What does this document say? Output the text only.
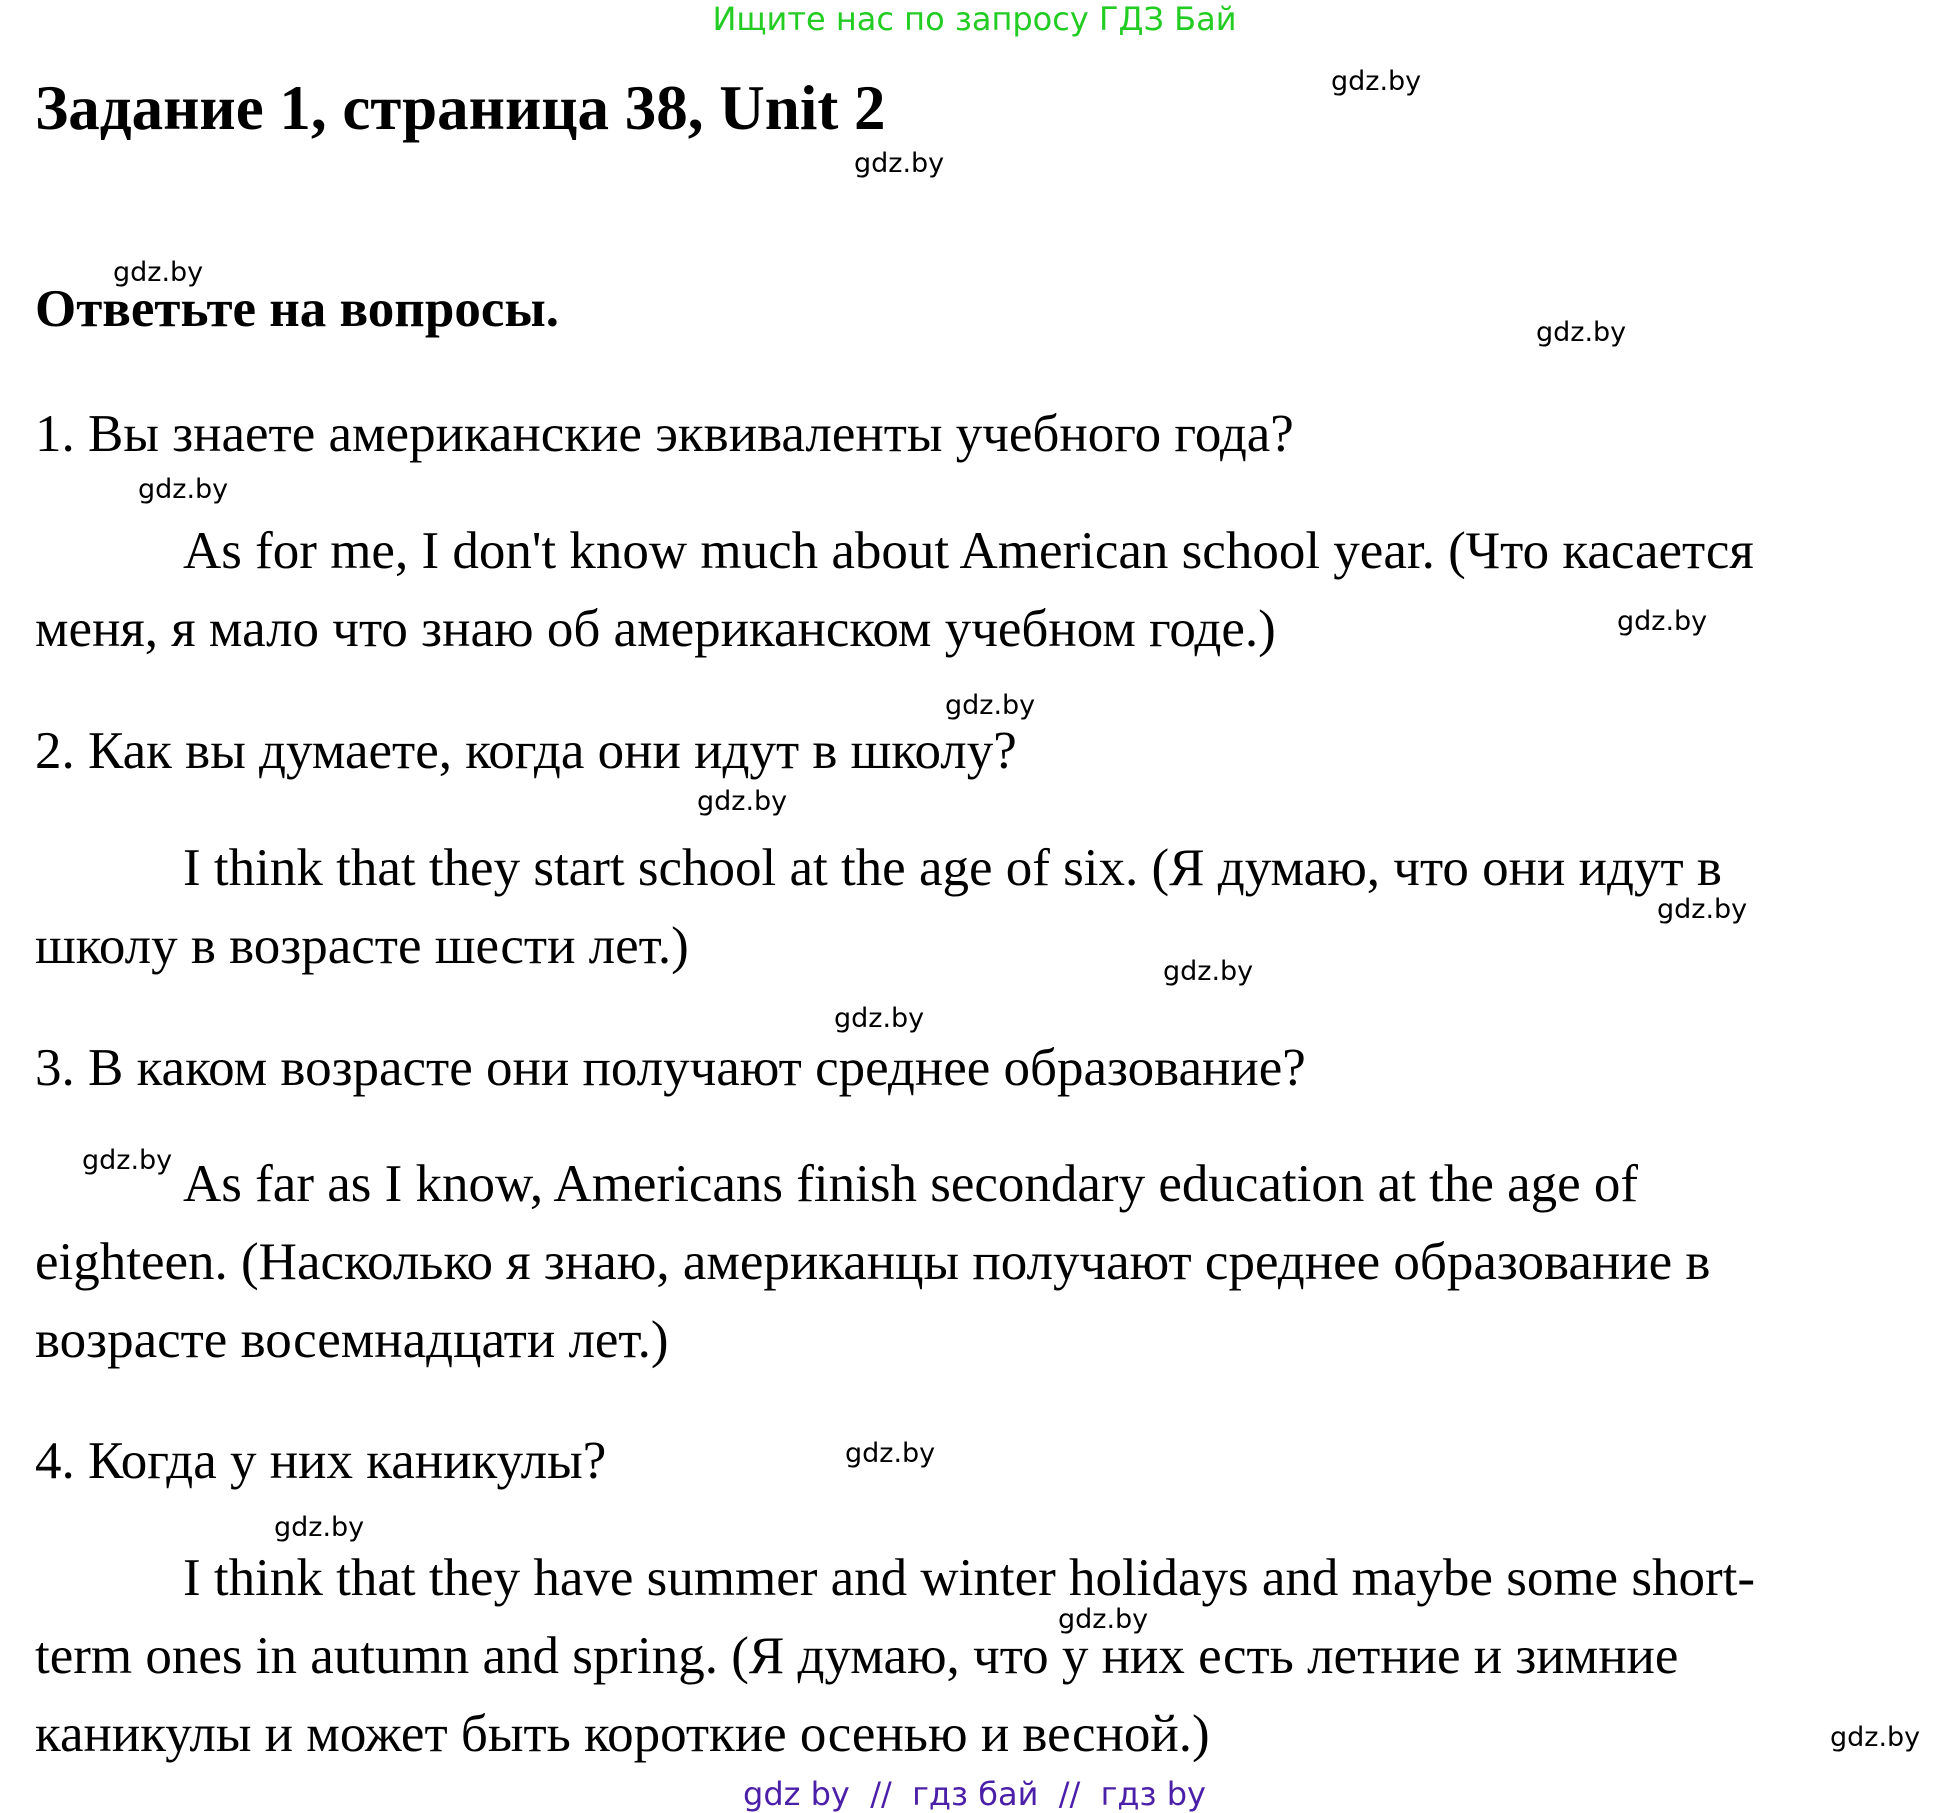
Ищите нас по запросу ГДЗ Бай
Задание 1, страница 38, Unit 2
Ответьте на вопросы.
1. Вы знаете американские эквиваленты учебного года?
As for me, I don't know much about American school year. (Что касается
меня, я мало что знаю об американском учебном годе.)
2. Как вы думаете, когда они идут в школу?
I think that they start school at the age of six. (Я думаю, что они идут в
школу в возрасте шести лет.)
3. В каком возрасте они получают среднее образование?
As far as I know, Americans finish secondary education at the age of
eighteen. (Насколько я знаю, американцы получают среднее образование в
возрасте восемнадцати лет.)
4. Когда у них каникулы?
I think that they have summer and winter holidays and maybe some short-
term ones in autumn and spring. (Я думаю, что у них есть летние и зимние
каникулы и может быть короткие осенью и весной.)
gdz.by
gdz.by
gdz.by
gdz.by
gdz.by
gdz.by
gdz.by
gdz.by
gdz.by
gdz.by
gdz.by
gdz.by
gdz.by
gdz.by
gdz.by
gdz.by
gdz by  //  гдз бай  //  гдз by
